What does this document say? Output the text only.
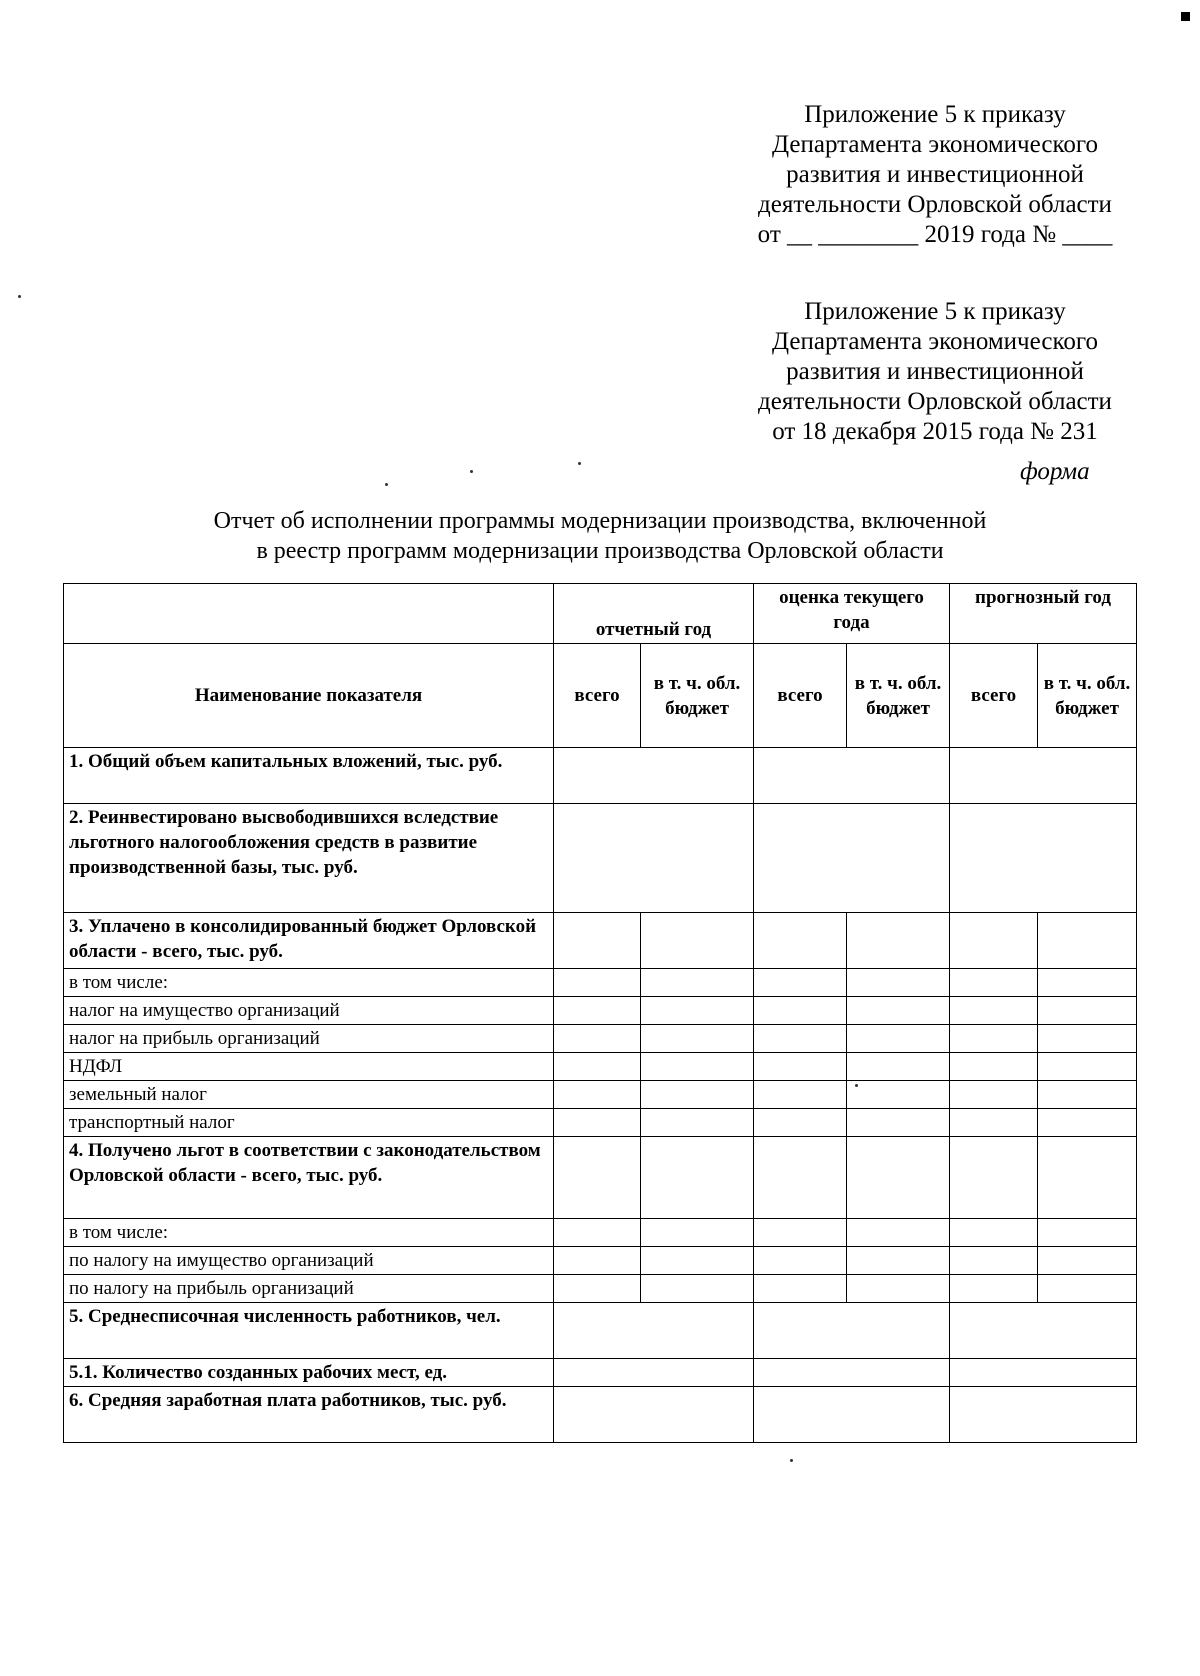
Приложение 5 к приказу
Департамента экономического
развития и инвестиционной
деятельности Орловской области
от __ ________ 2019 года № ____
Приложение 5 к приказу
Департамента экономического
развития и инвестиционной
деятельности Орловской области
от 18 декабря 2015 года № 231
форма
Отчет об исполнении программы модернизации производства, включенной
в реестр программ модернизации производства Орловской области
	отчетный год		оценка текущего года		прогнозный год	
Наименование показателя	всего	в т. ч. обл. бюджет	всего	в т. ч. обл. бюджет	всего	в т. ч. обл. бюджет
1. Общий объем капитальных вложений, тыс. руб.						
2. Реинвестировано высвободившихся вследствие льготного налогообложения средств в развитие производственной базы, тыс. руб.						
3. Уплачено в консолидированный бюджет Орловской области - всего, тыс. руб.						
в том числе:						
налог на имущество организаций						
налог на прибыль организаций						
НДФЛ						
земельный налог						
транспортный налог						
4. Получено льгот в соответствии с законодательством Орловской области - всего, тыс. руб.						
в том числе:						
по налогу на имущество организаций						
по налогу на прибыль организаций						
5. Среднесписочная численность работников, чел.						
5.1. Количество созданных рабочих мест, ед.						
6. Средняя заработная плата работников, тыс. руб.						
